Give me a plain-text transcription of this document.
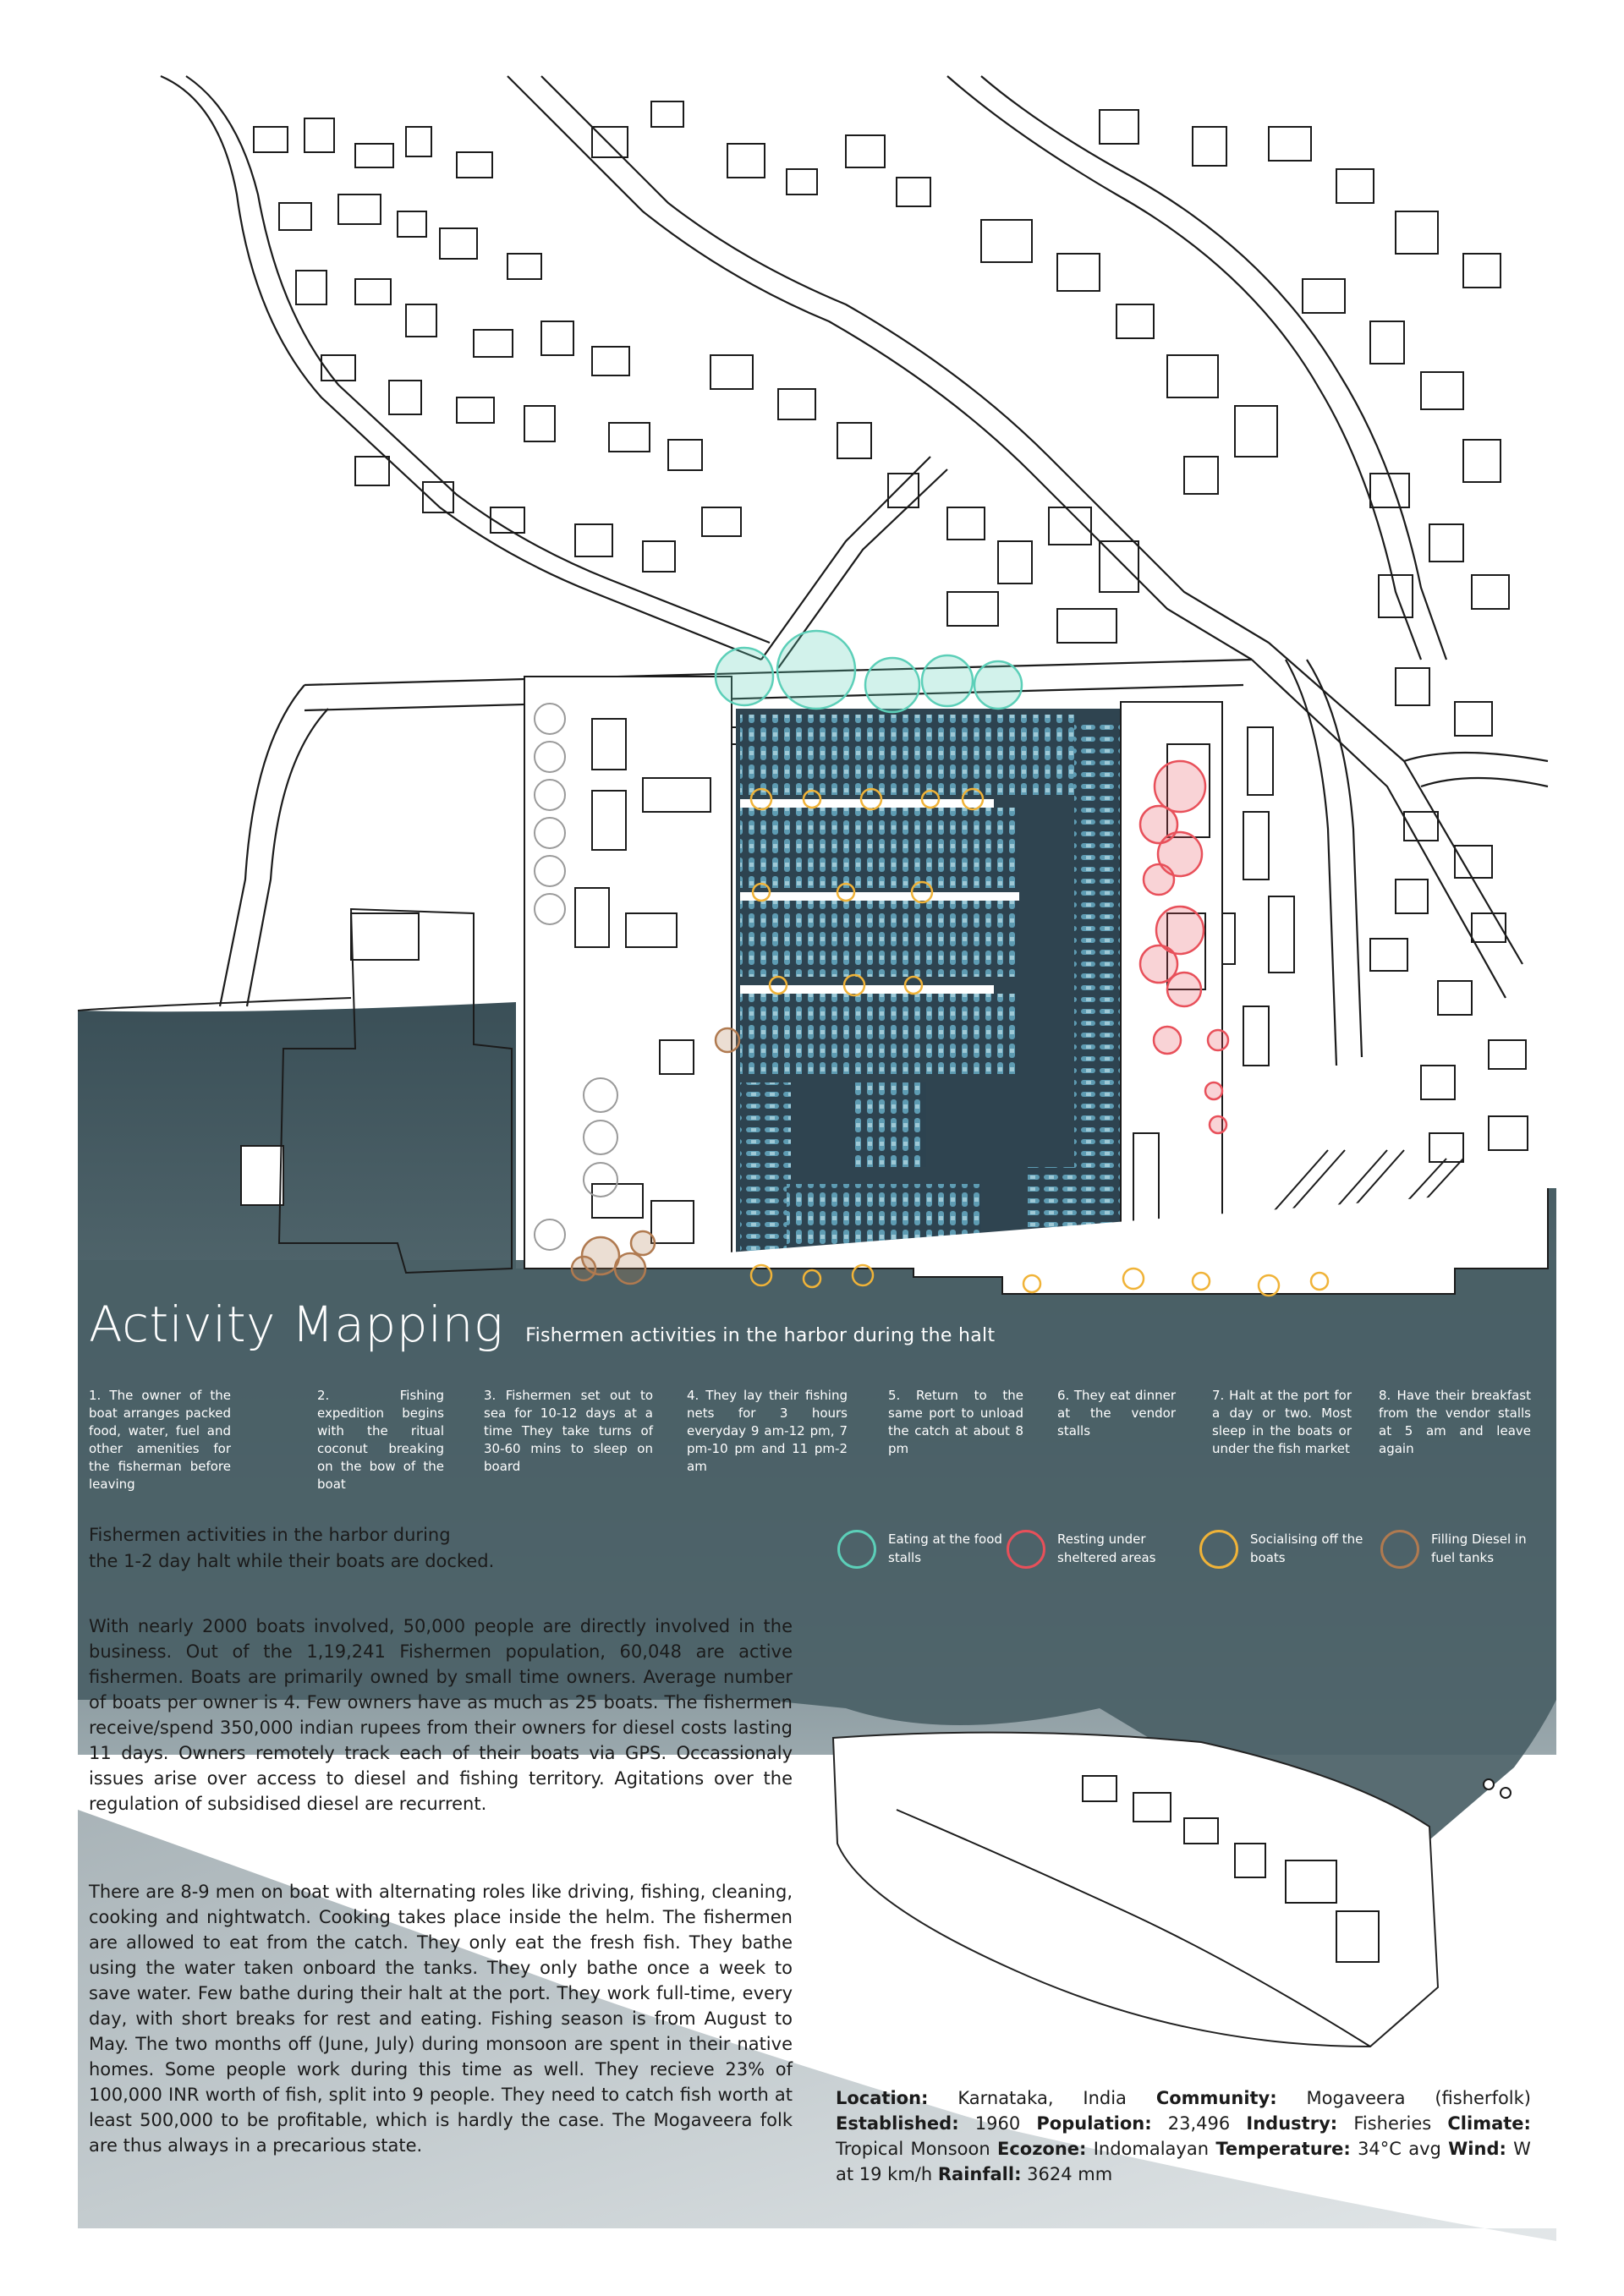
Activity Mapping Fishermen activities in the harbor during the halt
1. The owner of the boat arranges packed food, water, fuel and other amenities for the fisherman before leaving
2. Fishing expedition begins with the ritual coconut breaking on the bow of the boat
3. Fishermen set out to sea for 10-12 days at a time They take turns of 30-60 mins to sleep on board
4. They lay their fishing nets for 3 hours everyday 9 am-12 pm, 7 pm-10 pm and 11 pm-2 am
5. Return to the same port to unload the catch at about 8 pm
6. They eat dinner at the vendor stalls
7. Halt at the port for a day or two. Most sleep in the boats or under the fish market
8. Have their breakfast from the vendor stalls at 5 am and leave again
Eating at the food stalls
Resting under sheltered areas
Socialising off the boats
Filling Diesel in fuel tanks
Fishermen activities in the harbor during
the 1-2 day halt while their boats are docked.
With nearly 2000 boats involved, 50,000 people are directly involved in the business. Out of the 1,19,241 Fishermen population, 60,048 are active fishermen. Boats are primarily owned by small time owners. Average number of boats per owner is 4. Few owners have as much as 25 boats. The fishermen receive/spend 350,000 indian rupees from their owners for diesel costs lasting 11 days. Owners remotely track each of their boats via GPS. Occassionaly issues arise over access to diesel and fishing territory. Agitations over the regulation of subsidised diesel are recurrent.
There are 8-9 men on boat with alternating roles like driving, fishing, cleaning, cooking and nightwatch. Cooking takes place inside the helm. The fishermen are allowed to eat from the catch. They only eat the fresh fish. They bathe using the water taken onboard the tanks. They only bathe once a week to save water. Few bathe during their halt at the port. They work full-time, every day, with short breaks for rest and eating. Fishing season is from August to May. The two months off (June, July) during monsoon are spent in their native homes. Some people work during this time as well. They recieve 23% of 100,000 INR worth of fish, split into 9 people. They need to catch fish worth at least 500,000 to be profitable, which is hardly the case. The Mogaveera folk are thus always in a precarious state.
Location: Karnataka, India Community: Mogaveera (fisherfolk) Established: 1960 Population: 23,496 Industry: Fisheries Climate: Tropical Monsoon Ecozone: Indomalayan Temperature: 34°C avg Wind: W at 19 km/h Rainfall: 3624 mm
